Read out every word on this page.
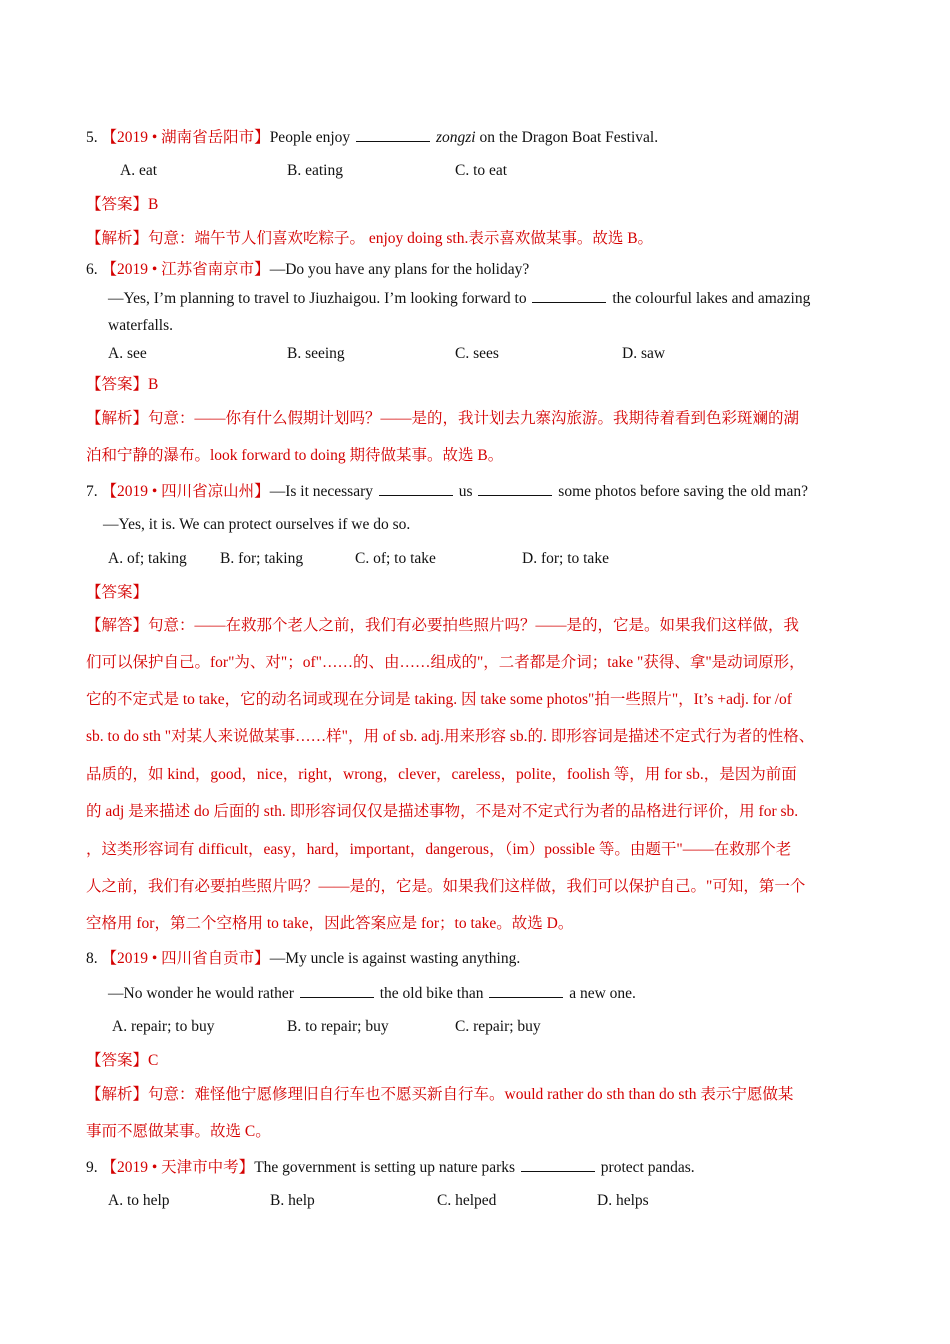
5. 【2019 • 湖南省岳阳市】People enjoy	zongzi on the Dragon Boat Festival.
A. eat	B. eating	C. to eat
【答案】B
【解析】句意：端午节人们喜欢吃粽子。 enjoy doing sth.表示喜欢做某事。故选 B。
6. 【2019 • 江苏省南京市】—Do you have any plans for the holiday?
—Yes, I’m planning to travel to Jiuzhaigou. I’m looking forward to	the colourful lakes and amazing
waterfalls.
A. see	B. seeing	C. sees	D. saw
【答案】B
【解析】句意：——你有什么假期计划吗？——是的，我计划去九寨沟旅游。我期待着看到色彩斑斓的湖
泊和宁静的瀑布。look forward to doing 期待做某事。故选 B。
7. 【2019 • 四川省凉山州】—Is it necessary	us	some photos before saving the old man?
—Yes, it is. We can protect ourselves if we do so.
A. of; taking B. for; taking	C. of; to take	D. for; to take
【答案】
【解答】句意：——在救那个老人之前，我们有必要拍些照片吗？——是的，它是。如果我们这样做，我
们可以保护自己。for"为、对"；of"……的、由……组成的"，二者都是介词；take "获得、拿"是动词原形，
它的不定式是 to take，它的动名词或现在分词是 taking. 因 take some photos"拍一些照片"，It’s +adj. for /of
sb. to do sth "对某人来说做某事……样"，用 of sb. adj.用来形容 sb.的. 即形容词是描述不定式行为者的性格、
品质的，如 kind，good，nice，right，wrong，clever，careless，polite，foolish 等，用 for sb.，是因为前面
的 adj 是来描述 do 后面的 sth. 即形容词仅仅是描述事物，不是对不定式行为者的品格进行评价，用 for sb.
，这类形容词有 difficult，easy，hard，important，dangerous，（im）possible 等。由题干"——在救那个老
人之前，我们有必要拍些照片吗？——是的，它是。如果我们这样做，我们可以保护自己。"可知，第一个
空格用 for，第二个空格用 to take，因此答案应是 for；to take。故选 D。
8. 【2019 • 四川省自贡市】—My uncle is against wasting anything.
—No wonder he would rather	the old bike than	a new one.
A. repair; to buy	B. to repair; buy	C. repair; buy
【答案】C
【解析】句意：难怪他宁愿修理旧自行车也不愿买新自行车。would rather do sth than do sth 表示宁愿做某
事而不愿做某事。故选 C。
9. 【2019 • 天津市中考】The government is setting up nature parks	protect pandas.
A. to help	B. help	C. helped	D. helps
